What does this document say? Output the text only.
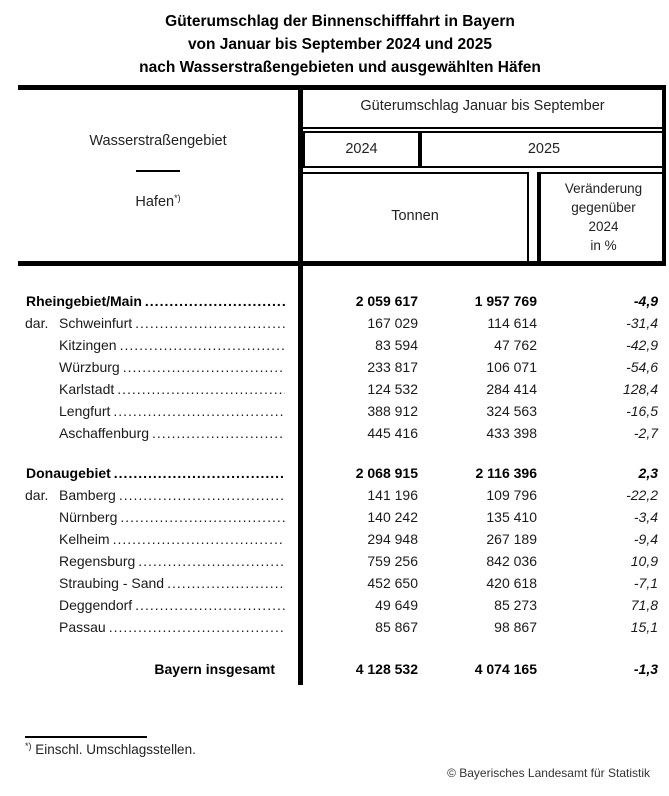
Güterumschlag der Binnenschifffahrt in Bayern
von Januar bis September 2024 und 2025
nach Wasserstraßengebieten und ausgewählten Häfen
Güterumschlag Januar bis September
2024	2025
Tonnen
Veränderung
gegenüber
2024
in %
Wasserstraßengebiet
Hafen*)
Rheingebiet/Main .....	2 059 617	1 957 769	-4,9
dar. Schweinfurt .....	167 029	114 614	-31,4
Kitzingen .....	83 594	47 762	-42,9
Würzburg .....	233 817	106 071	-54,6
Karlstadt .....	124 532	284 414	128,4
Lengfurt .....	388 912	324 563	-16,5
Aschaffenburg .....	445 416	433 398	-2,7
Donaugebiet .....	2 068 915	2 116 396	2,3
dar. Bamberg .....	141 196	109 796	-22,2
Nürnberg .....	140 242	135 410	-3,4
Kelheim .....	294 948	267 189	-9,4
Regensburg .....	759 256	842 036	10,9
Straubing - Sand .....	452 650	420 618	-7,1
Deggendorf .....	49 649	85 273	71,8
Passau .....	85 867	98 867	15,1
Bayern insgesamt	4 128 532	4 074 165	-1,3
*) Einschl. Umschlagsstellen.
© Bayerisches Landesamt für Statistik
